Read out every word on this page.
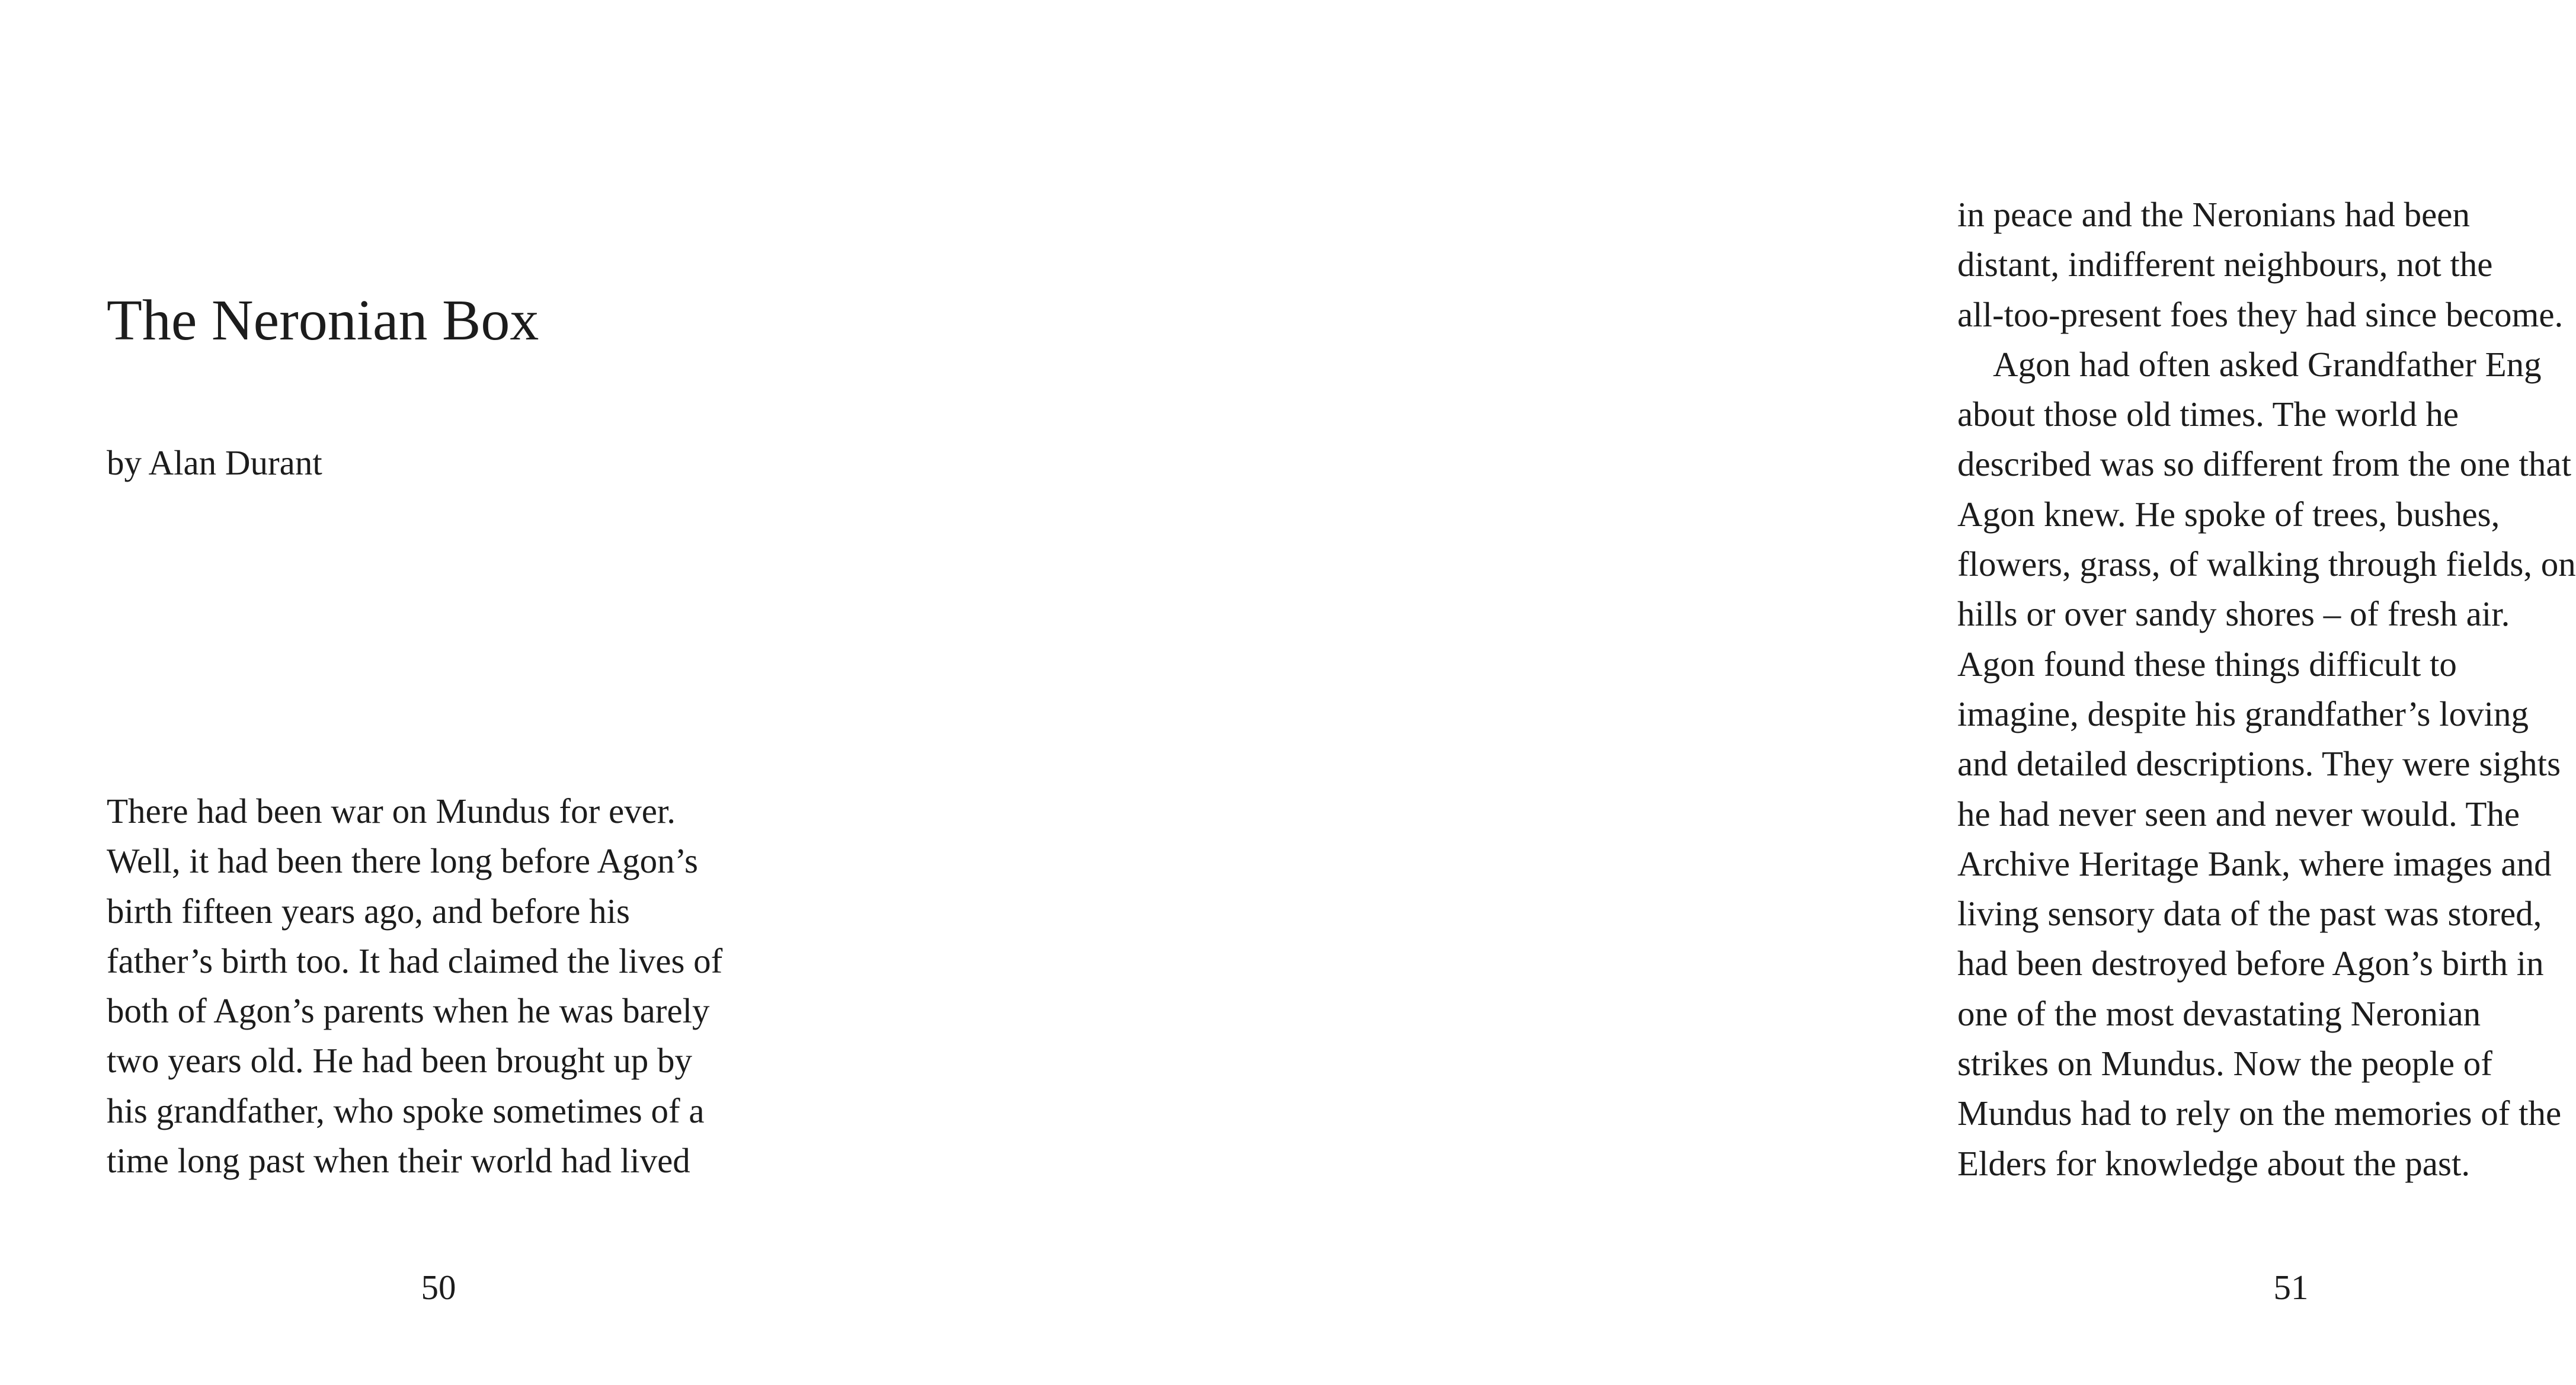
The Neronian Box

by Alan Durant

There had been war on Mundus for ever.
Well, it had been there long before Agon’s
birth fifteen years ago, and before his
father’s birth too. It had claimed the lives of
both of Agon’s parents when he was barely
two years old. He had been brought up by
his grandfather, who spoke sometimes of a
time long past when their world had lived
50
in peace and the Neronians had been
distant, indifferent neighbours, not the
all-too-present foes they had since become.
Agon had often asked Grandfather Eng
about those old times. The world he
described was so different from the one that
Agon knew. He spoke of trees, bushes,
flowers, grass, of walking through fields, on
hills or over sandy shores – of fresh air.
Agon found these things difficult to
imagine, despite his grandfather’s loving
and detailed descriptions. They were sights
he had never seen and never would. The
Archive Heritage Bank, where images and
living sensory data of the past was stored,
had been destroyed before Agon’s birth in
one of the most devastating Neronian
strikes on Mundus. Now the people of
Mundus had to rely on the memories of the
Elders for knowledge about the past.
51
